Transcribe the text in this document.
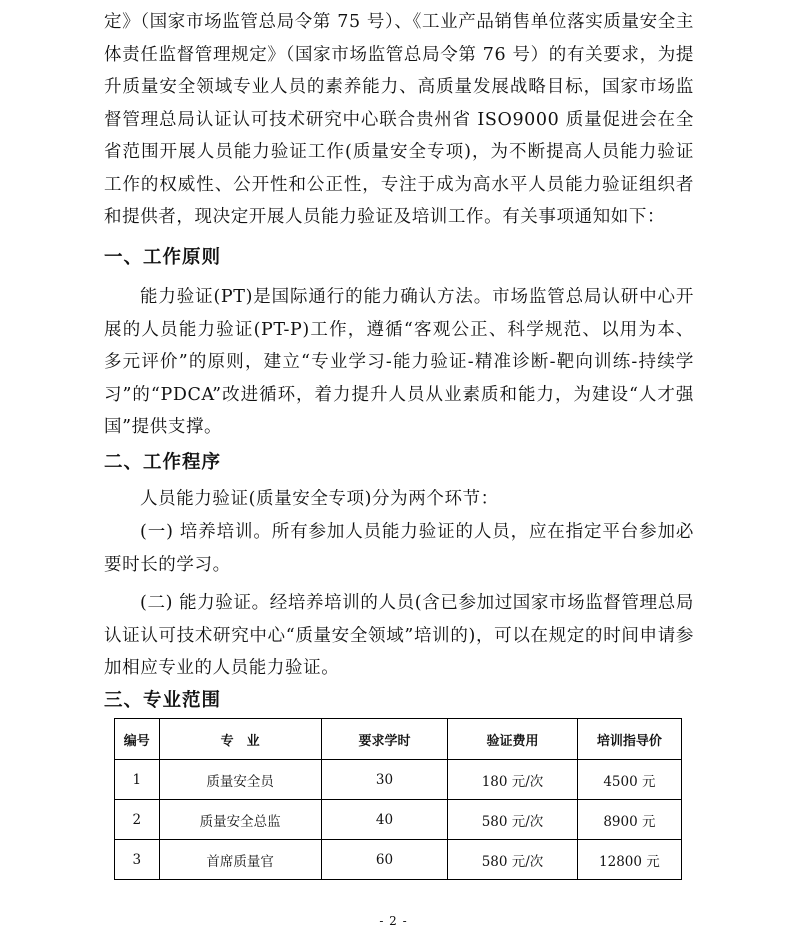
定》（国家市场监管总局令第 75 号）、《工业产品销售单位落实质量安全主体责任监督管理规定》（国家市场监管总局令第 76 号）的有关要求，为提升质量安全领域专业人员的素养能力、高质量发展战略目标，国家市场监督管理总局认证认可技术研究中心联合贵州省 ISO9000 质量促进会在全省范围开展人员能力验证工作(质量安全专项)，为不断提高人员能力验证工作的权威性、公开性和公正性，专注于成为高水平人员能力验证组织者和提供者，现决定开展人员能力验证及培训工作。有关事项通知如下：

一、工作原则

能力验证(PT)是国际通行的能力确认方法。市场监管总局认研中心开展的人员能力验证(PT-P)工作，遵循“客观公正、科学规范、以用为本、多元评价”的原则，建立“专业学习-能力验证-精准诊断-靶向训练-持续学习”的“PDCA”改进循环，着力提升人员从业素质和能力，为建设“人才强国”提供支撑。

二、工作程序

人员能力验证(质量安全专项)分为两个环节：

(一) 培养培训。所有参加人员能力验证的人员，应在指定平台参加必要时长的学习。

(二) 能力验证。经培养培训的人员(含已参加过国家市场监督管理总局认证认可技术研究中心“质量安全领域”培训的)，可以在规定的时间申请参加相应专业的人员能力验证。

三、专业范围
编号	专　业	要求学时	验证费用	培训指导价
1	质量安全员	30	180 元/次	4500 元
2	质量安全总监	40	580 元/次	8900 元
3	首席质量官	60	580 元/次	12800 元
- 2 -
